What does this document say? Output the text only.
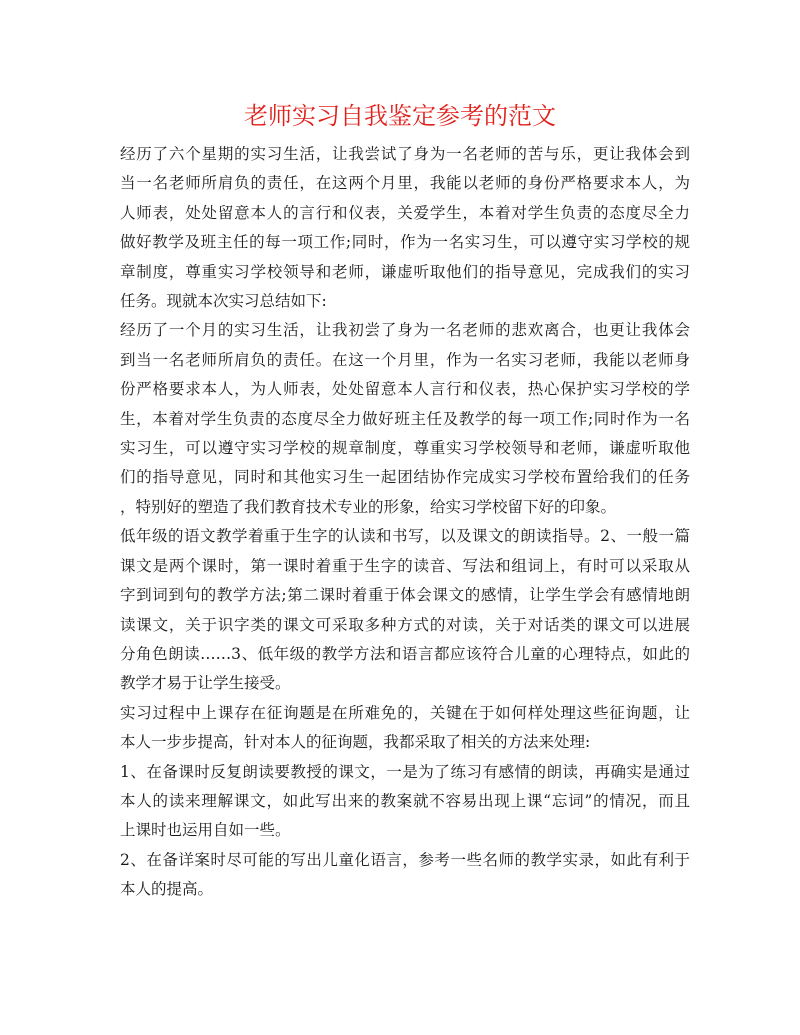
老师实习自我鉴定参考的范文
经历了六个星期的实习生活，让我尝试了身为一名老师的苦与乐，更让我体会到
当一名老师所肩负的责任，在这两个月里，我能以老师的身份严格要求本人，为
人师表，处处留意本人的言行和仪表，关爱学生，本着对学生负责的态度尽全力
做好教学及班主任的每一项工作;同时，作为一名实习生，可以遵守实习学校的规
章制度，尊重实习学校领导和老师，谦虚听取他们的指导意见，完成我们的实习
任务。现就本次实习总结如下:
经历了一个月的实习生活，让我初尝了身为一名老师的悲欢离合，也更让我体会
到当一名老师所肩负的责任。在这一个月里，作为一名实习老师，我能以老师身
份严格要求本人，为人师表，处处留意本人言行和仪表，热心保护实习学校的学
生，本着对学生负责的态度尽全力做好班主任及教学的每一项工作;同时作为一名
实习生，可以遵守实习学校的规章制度，尊重实习学校领导和老师，谦虚听取他
们的指导意见，同时和其他实习生一起团结协作完成实习学校布置给我们的任务
，特别好的塑造了我们教育技术专业的形象，给实习学校留下好的印象。
低年级的语文教学着重于生字的认读和书写，以及课文的朗读指导。2、一般一篇
课文是两个课时，第一课时着重于生字的读音、写法和组词上，有时可以采取从
字到词到句的教学方法;第二课时着重于体会课文的感情，让学生学会有感情地朗
读课文，关于识字类的课文可采取多种方式的对读，关于对话类的课文可以进展
分角色朗读……3、低年级的教学方法和语言都应该符合儿童的心理特点，如此的
教学才易于让学生接受。
实习过程中上课存在征询题是在所难免的，关键在于如何样处理这些征询题，让
本人一步步提高，针对本人的征询题，我都采取了相关的方法来处理:
1、在备课时反复朗读要教授的课文，一是为了练习有感情的朗读，再确实是通过
本人的读来理解课文，如此写出来的教案就不容易出现上课“忘词”的情况，而且
上课时也运用自如一些。
2、在备详案时尽可能的写出儿童化语言，参考一些名师的教学实录，如此有利于
本人的提高。
